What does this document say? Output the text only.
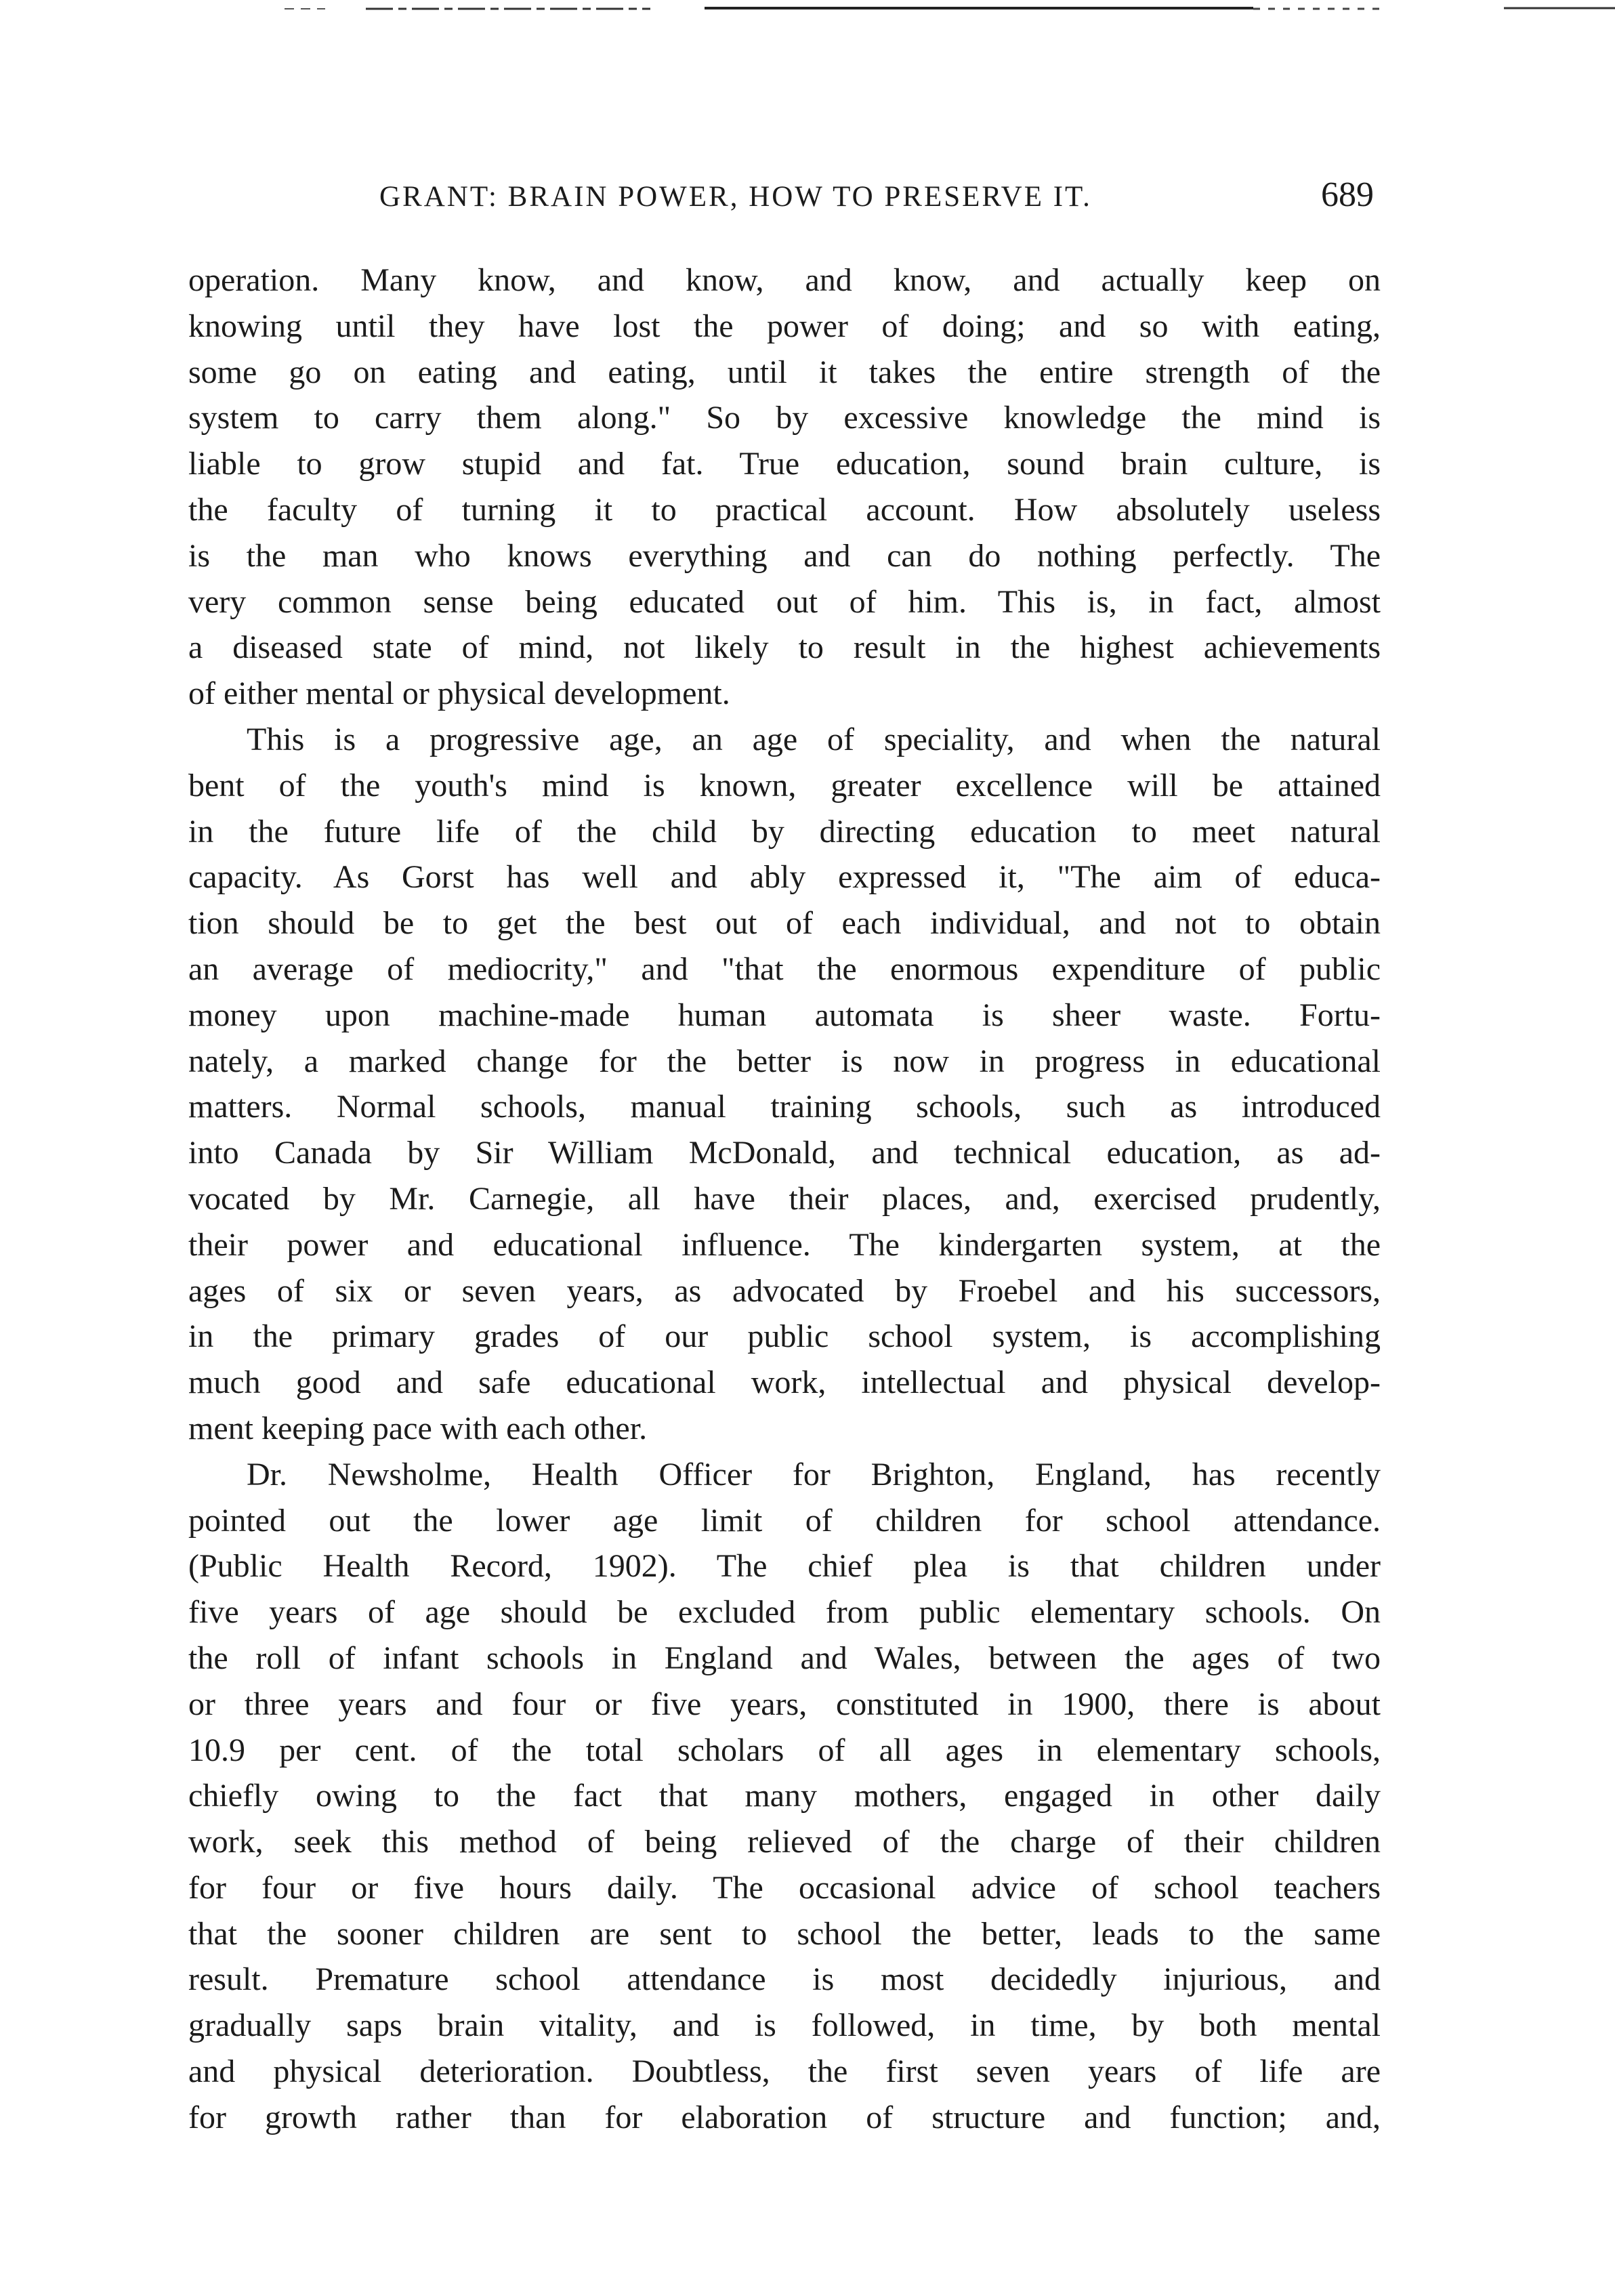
GRANT: BRAIN POWER, HOW TO PRESERVE IT.	689
operation. Many know, and know, and know, and actually keep on
knowing until they have lost the power of doing; and so with eating,
some go on eating and eating, until it takes the entire strength of the
system to carry them along." So by excessive knowledge the mind is
liable to grow stupid and fat. True education, sound brain culture, is
the faculty of turning it to practical account. How absolutely useless
is the man who knows everything and can do nothing perfectly. The
very common sense being educated out of him. This is, in fact, almost
a diseased state of mind, not likely to result in the highest achievements
of either mental or physical development.
This is a progressive age, an age of speciality, and when the natural
bent of the youth's mind is known, greater excellence will be attained
in the future life of the child by directing education to meet natural
capacity. As Gorst has well and ably expressed it, "The aim of educa-
tion should be to get the best out of each individual, and not to obtain
an average of mediocrity," and "that the enormous expenditure of public
money upon machine-made human automata is sheer waste. Fortu-
nately, a marked change for the better is now in progress in educational
matters. Normal schools, manual training schools, such as introduced
into Canada by Sir William McDonald, and technical education, as ad-
vocated by Mr. Carnegie, all have their places, and, exercised prudently,
their power and educational influence. The kindergarten system, at the
ages of six or seven years, as advocated by Froebel and his successors,
in the primary grades of our public school system, is accomplishing
much good and safe educational work, intellectual and physical develop-
ment keeping pace with each other.
Dr. Newsholme, Health Officer for Brighton, England, has recently
pointed out the lower age limit of children for school attendance.
(Public Health Record, 1902). The chief plea is that children under
five years of age should be excluded from public elementary schools. On
the roll of infant schools in England and Wales, between the ages of two
or three years and four or five years, constituted in 1900, there is about
10.9 per cent. of the total scholars of all ages in elementary schools,
chiefly owing to the fact that many mothers, engaged in other daily
work, seek this method of being relieved of the charge of their children
for four or five hours daily. The occasional advice of school teachers
that the sooner children are sent to school the better, leads to the same
result. Premature school attendance is most decidedly injurious, and
gradually saps brain vitality, and is followed, in time, by both mental
and physical deterioration. Doubtless, the first seven years of life are
for growth rather than for elaboration of structure and function; and,
